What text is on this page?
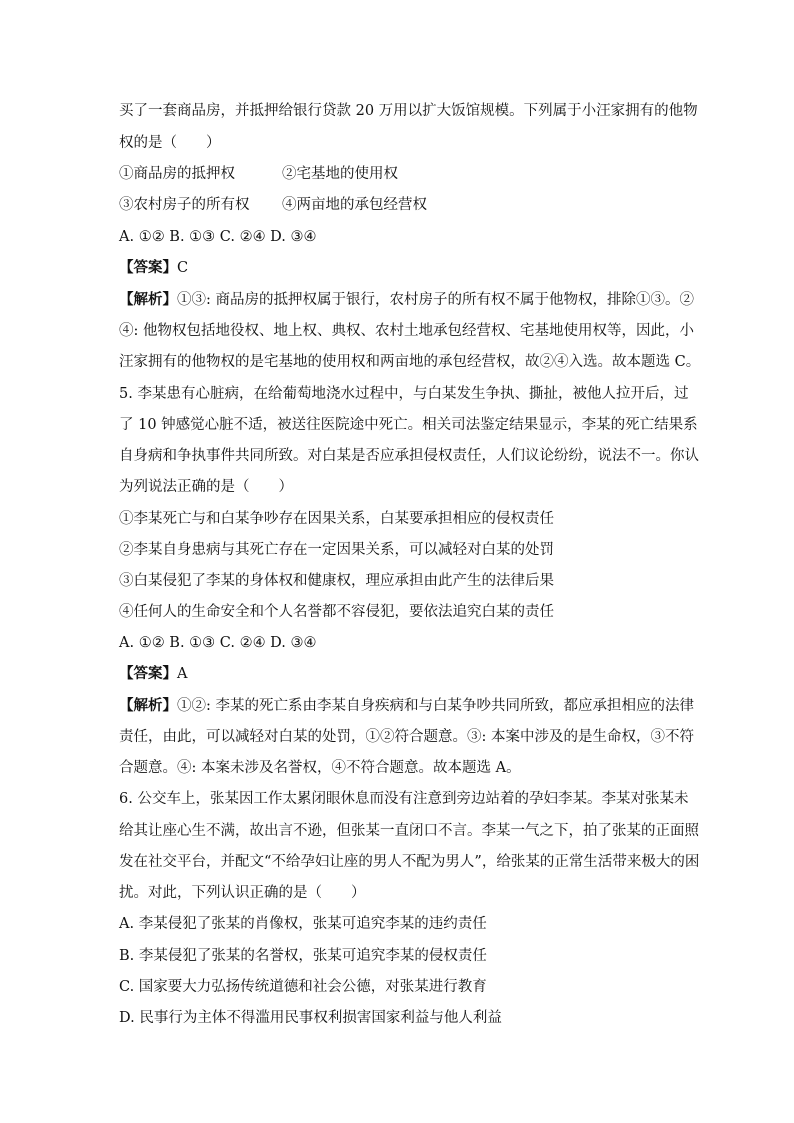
买了一套商品房，并抵押给银行贷款 20 万用以扩大饭馆规模。下列属于小汪家拥有的他物
权的是（　　）
①商品房的抵押权	②宅基地的使用权
③农村房子的所有权 ④两亩地的承包经营权
A. ①② B. ①③ C. ②④ D. ③④
【答案】C
【解析】①③: 商品房的抵押权属于银行，农村房子的所有权不属于他物权，排除①③。②
④: 他物权包括地役权、地上权、典权、农村土地承包经营权、宅基地使用权等，因此，小
汪家拥有的他物权的是宅基地的使用权和两亩地的承包经营权，故②④入选。故本题选 C。
5. 李某患有心脏病，在给葡萄地浇水过程中，与白某发生争执、撕扯，被他人拉开后，过
了 10 钟感觉心脏不适，被送往医院途中死亡。相关司法鉴定结果显示，李某的死亡结果系
自身病和争执事件共同所致。对白某是否应承担侵权责任，人们议论纷纷，说法不一。你认
为列说法正确的是（　　）
①李某死亡与和白某争吵存在因果关系，白某要承担相应的侵权责任
②李某自身患病与其死亡存在一定因果关系，可以减轻对白某的处罚
③白某侵犯了李某的身体权和健康权，理应承担由此产生的法律后果
④任何人的生命安全和个人名誉都不容侵犯，要依法追究白某的责任
A. ①② B. ①③ C. ②④ D. ③④
【答案】A
【解析】①②: 李某的死亡系由李某自身疾病和与白某争吵共同所致，都应承担相应的法律
责任，由此，可以减轻对白某的处罚，①②符合题意。③: 本案中涉及的是生命权，③不符
合题意。④: 本案未涉及名誉权，④不符合题意。故本题选 A。
6. 公交车上，张某因工作太累闭眼休息而没有注意到旁边站着的孕妇李某。李某对张某未
给其让座心生不满，故出言不逊，但张某一直闭口不言。李某一气之下，拍了张某的正面照
发在社交平台，并配文“不给孕妇让座的男人不配为男人”，给张某的正常生活带来极大的困
扰。对此，下列认识正确的是（　　）
A. 李某侵犯了张某的肖像权，张某可追究李某的违约责任
B. 李某侵犯了张某的名誉权，张某可追究李某的侵权责任
C. 国家要大力弘扬传统道德和社会公德，对张某进行教育
D. 民事行为主体不得滥用民事权利损害国家利益与他人利益
